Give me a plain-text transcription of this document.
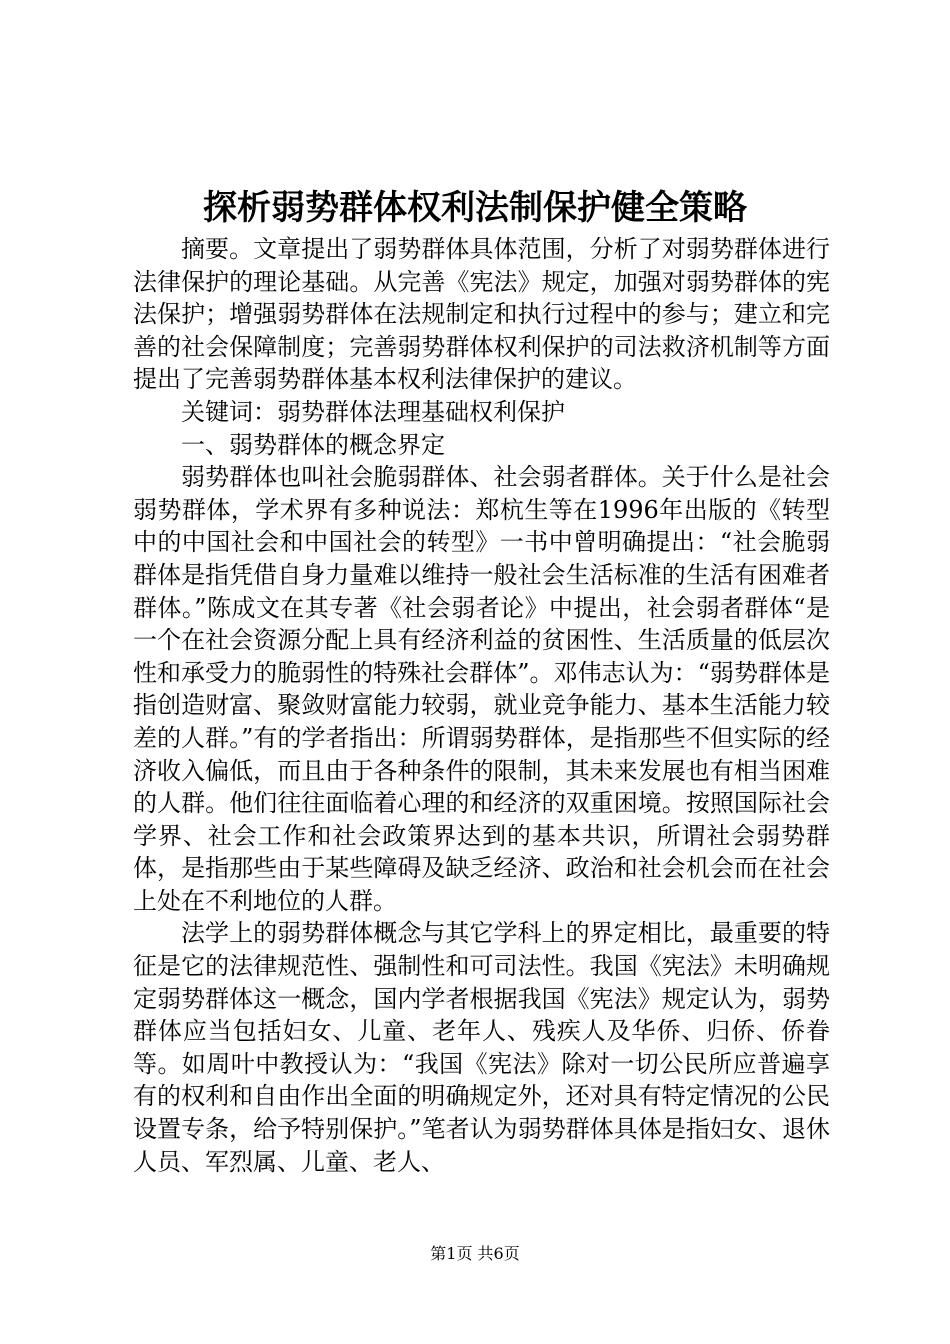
探析弱势群体权利法制保护健全策略

摘要。文章提出了弱势群体具体范围，分析了对弱势群体进行法律保护的理论基础。从完善《宪法》规定，加强对弱势群体的宪法保护；增强弱势群体在法规制定和执行过程中的参与；建立和完善的社会保障制度；完善弱势群体权利保护的司法救济机制等方面提出了完善弱势群体基本权利法律保护的建议。

关键词：弱势群体法理基础权利保护

一、弱势群体的概念界定

弱势群体也叫社会脆弱群体、社会弱者群体。关于什么是社会弱势群体，学术界有多种说法：郑杭生等在1996年出版的《转型中的中国社会和中国社会的转型》一书中曾明确提出：“社会脆弱群体是指凭借自身力量难以维持一般社会生活标准的生活有困难者群体。”陈成文在其专著《社会弱者论》中提出，社会弱者群体“是一个在社会资源分配上具有经济利益的贫困性、生活质量的低层次性和承受力的脆弱性的特殊社会群体”。邓伟志认为：“弱势群体是指创造财富、聚敛财富能力较弱，就业竞争能力、基本生活能力较差的人群。”有的学者指出：所谓弱势群体，是指那些不但实际的经济收入偏低，而且由于各种条件的限制，其未来发展也有相当困难的人群。他们往往面临着心理的和经济的双重困境。按照国际社会学界、社会工作和社会政策界达到的基本共识，所谓社会弱势群体，是指那些由于某些障碍及缺乏经济、政治和社会机会而在社会上处在不利地位的人群。

法学上的弱势群体概念与其它学科上的界定相比，最重要的特征是它的法律规范性、强制性和可司法性。我国《宪法》未明确规定弱势群体这一概念，国内学者根据我国《宪法》规定认为，弱势群体应当包括妇女、儿童、老年人、残疾人及华侨、归侨、侨眷等。如周叶中教授认为：“我国《宪法》除对一切公民所应普遍享有的权利和自由作出全面的明确规定外，还对具有特定情况的公民设置专条，给予特别保护。”笔者认为弱势群体具体是指妇女、退休人员、军烈属、儿童、老人、

第1页 共6页
